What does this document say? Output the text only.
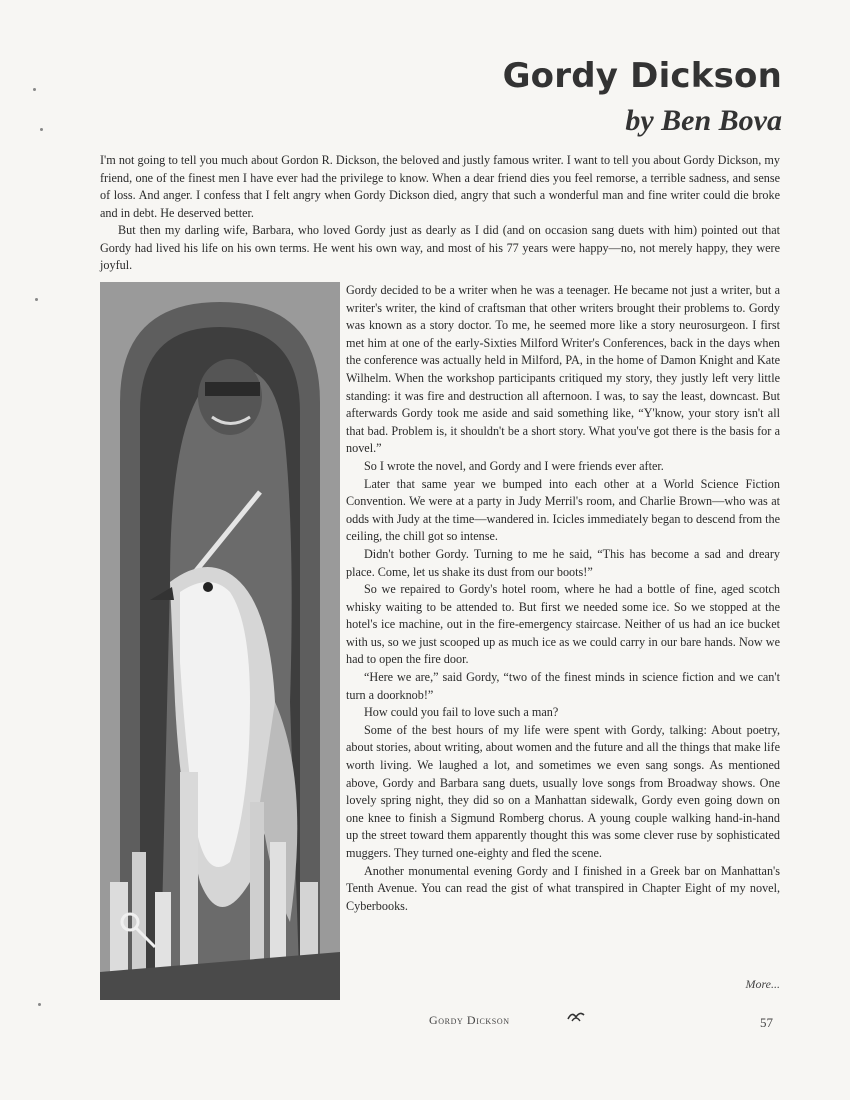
Gordy Dickson
by Ben Bova

I'm not going to tell you much about Gordon R. Dickson, the beloved and justly famous writer. I want to tell you about Gordy Dickson, my friend, one of the finest men I have ever had the privilege to know. When a dear friend dies you feel remorse, a terrible sadness, and sense of loss. And anger. I confess that I felt angry when Gordy Dickson died, angry that such a wonderful man and fine writer could die broke and in debt. He deserved better.

But then my darling wife, Barbara, who loved Gordy just as dearly as I did (and on occasion sang duets with him) pointed out that Gordy had lived his life on his own terms. He went his own way, and most of his 77 years were happy—no, not merely happy, they were joyful.

Gordy decided to be a writer when he was a teenager. He became not just a writer, but a writer's writer, the kind of craftsman that other writers brought their problems to. Gordy was known as a story doctor. To me, he seemed more like a story neurosurgeon. I first met him at one of the early-Sixties Milford Writer's Conferences, back in the days when the conference was actually held in Milford, PA, in the home of Damon Knight and Kate Wilhelm. When the workshop participants critiqued my story, they justly left very little standing: it was fire and destruction all afternoon. I was, to say the least, downcast. But afterwards Gordy took me aside and said something like, “Y'know, your story isn't all that bad. Problem is, it shouldn't be a short story. What you've got there is the basis for a novel.”

So I wrote the novel, and Gordy and I were friends ever after.

Later that same year we bumped into each other at a World Science Fiction Convention. We were at a party in Judy Merril's room, and Charlie Brown—who was at odds with Judy at the time—wandered in. Icicles immediately began to descend from the ceiling, the chill got so intense.

Didn't bother Gordy. Turning to me he said, “This has become a sad and dreary place. Come, let us shake its dust from our boots!”

So we repaired to Gordy's hotel room, where he had a bottle of fine, aged scotch whisky waiting to be attended to. But first we needed some ice. So we stopped at the hotel's ice machine, out in the fire-emergency staircase. Neither of us had an ice bucket with us, so we just scooped up as much ice as we could carry in our bare hands. Now we had to open the fire door.

“Here we are,” said Gordy, “two of the finest minds in science fiction and we can't turn a doorknob!”

How could you fail to love such a man?

Some of the best hours of my life were spent with Gordy, talking: About poetry, about stories, about writing, about women and the future and all the things that make life worth living. We laughed a lot, and sometimes we even sang songs. As mentioned above, Gordy and Barbara sang duets, usually love songs from Broadway shows. One lovely spring night, they did so on a Manhattan sidewalk, Gordy even going down on one knee to finish a Sigmund Romberg chorus. A young couple walking hand-in-hand up the street toward them apparently thought this was some clever ruse by sophisticated muggers. They turned one-eighty and fled the scene.

Another monumental evening Gordy and I finished in a Greek bar on Manhattan's Tenth Avenue. You can read the gist of what transpired in Chapter Eight of my novel, Cyberbooks.

More...
Gordy Dickson	57
